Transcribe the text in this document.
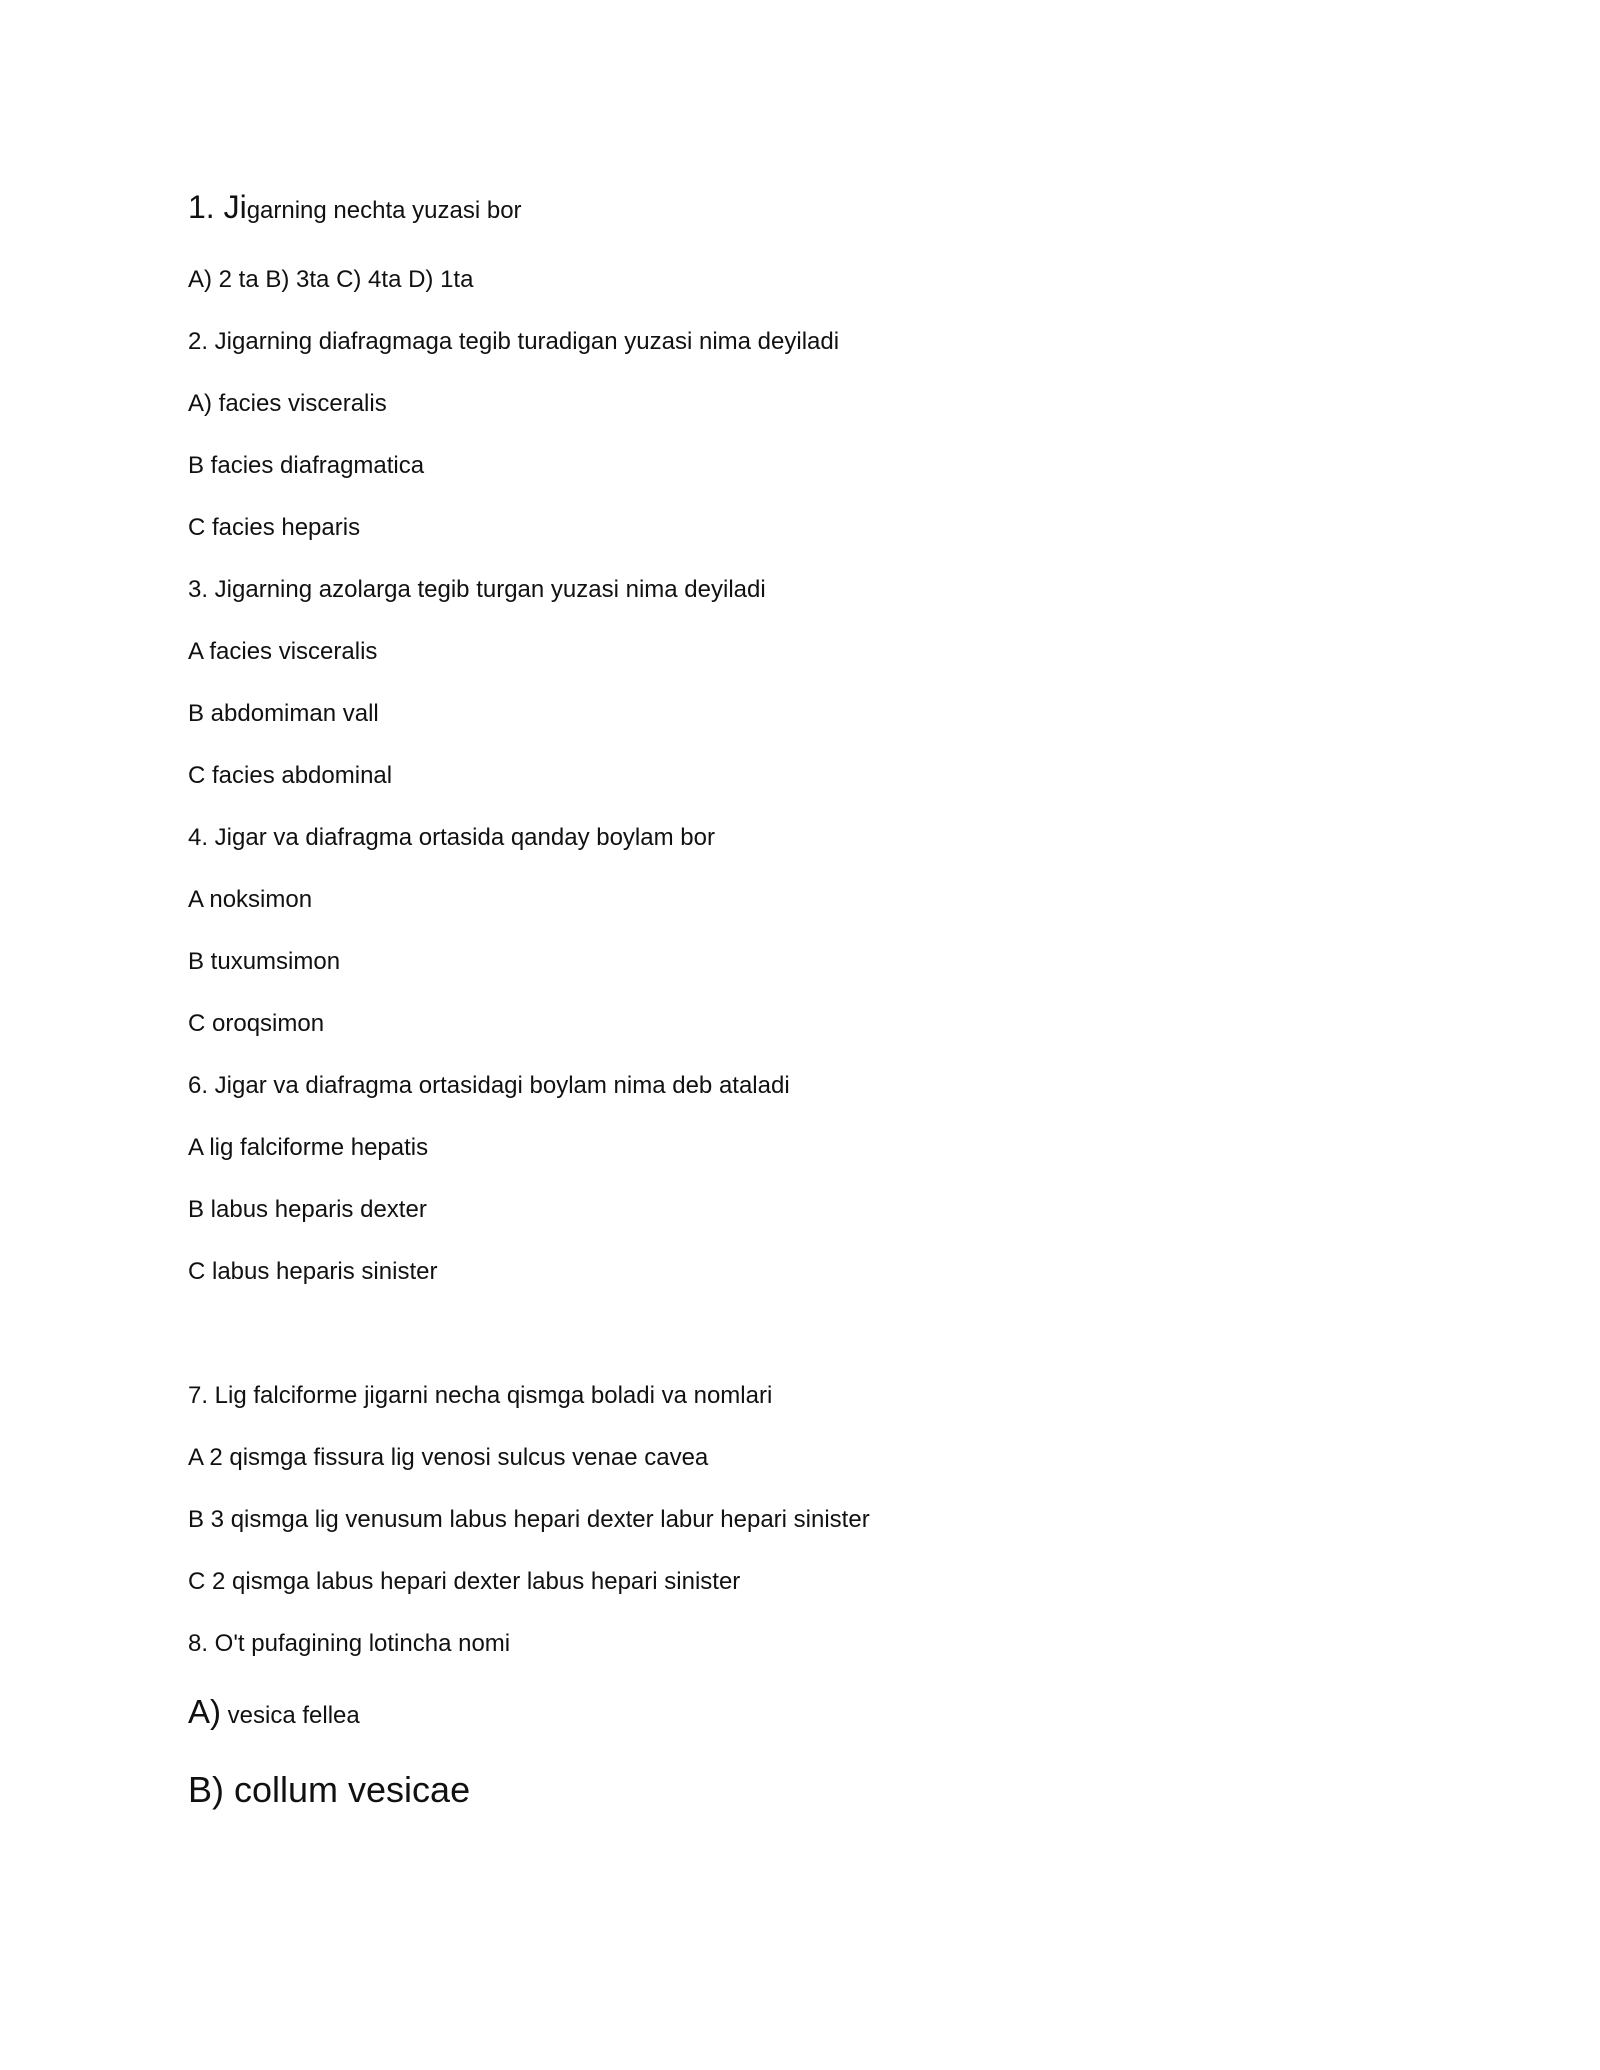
1. Jigarning nechta yuzasi bor

A) 2 ta B) 3ta C) 4ta D) 1ta

2. Jigarning diafragmaga tegib turadigan yuzasi nima deyiladi

A) facies visceralis

B facies diafragmatica

C facies heparis

3. Jigarning azolarga tegib turgan yuzasi nima deyiladi

A facies visceralis

B abdomiman vall

C facies abdominal

4. Jigar va diafragma ortasida qanday boylam bor

A noksimon

B tuxumsimon

C oroqsimon

6. Jigar va diafragma ortasidagi boylam nima deb ataladi

A lig falciforme hepatis

B labus heparis dexter

C labus heparis sinister

7. Lig falciforme jigarni necha qismga boladi va nomlari

A 2 qismga fissura lig venosi sulcus venae cavea

B 3 qismga lig venusum labus hepari dexter labur hepari sinister

C 2 qismga labus hepari dexter labus hepari sinister

8. O't pufagining lotincha nomi

A) vesica fellea

B) collum vesicae
